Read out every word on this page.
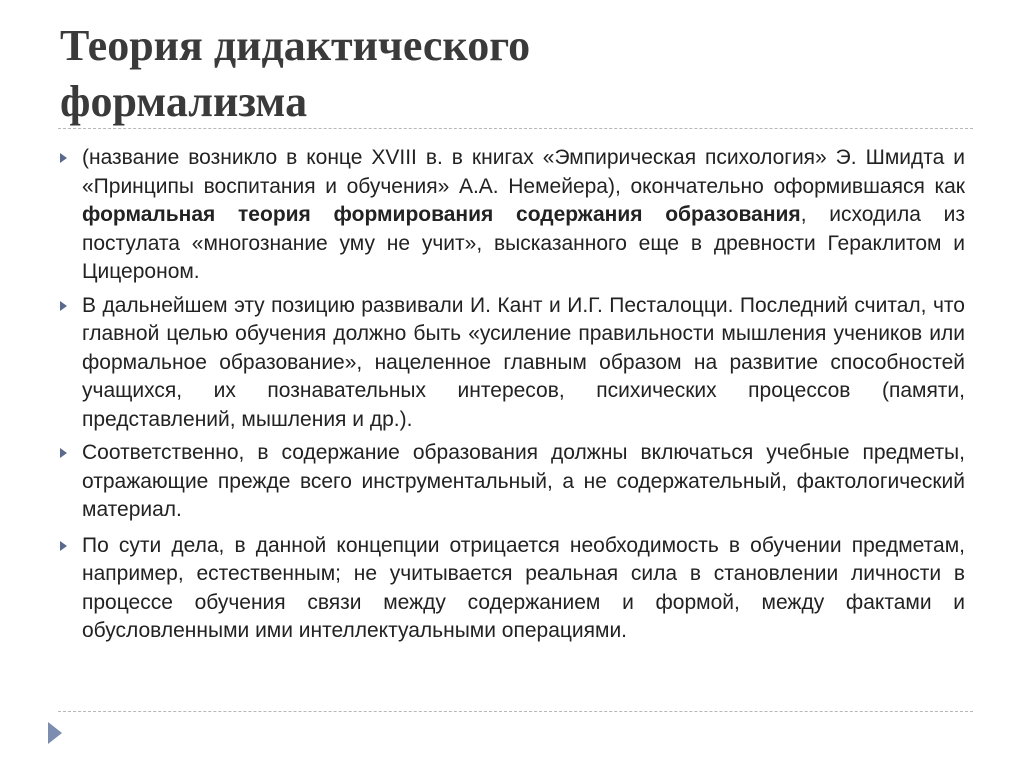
Теория дидактического
формализма
(название возникло в конце XVIII в. в книгах «Эмпирическая психология» Э. Шмидта и «Принципы воспитания и обучения» А.А. Немейера), окончательно оформившаяся как формальная теория формирования содержания образования, исходила из постулата «многознание уму не учит», высказанного еще в древности Гераклитом и Цицероном.
В дальнейшем эту позицию развивали И. Кант и И.Г. Песталоцци. Последний считал, что главной целью обучения должно быть «усиление правильности мышления учеников или формальное образование», нацеленное главным образом на развитие способностей учащихся, их познавательных интересов, психических процессов (памяти, представлений, мышления и др.).
Соответственно, в содержание образования должны включаться учебные предметы, отражающие прежде всего инструментальный, а не содержательный, фактологический материал.
По сути дела, в данной концепции отрицается необходимость в обучении предметам, например, естественным; не учитывается реальная сила в становлении личности в процессе обучения связи между содержанием и формой, между фактами и обусловленными ими интеллектуальными операциями.
